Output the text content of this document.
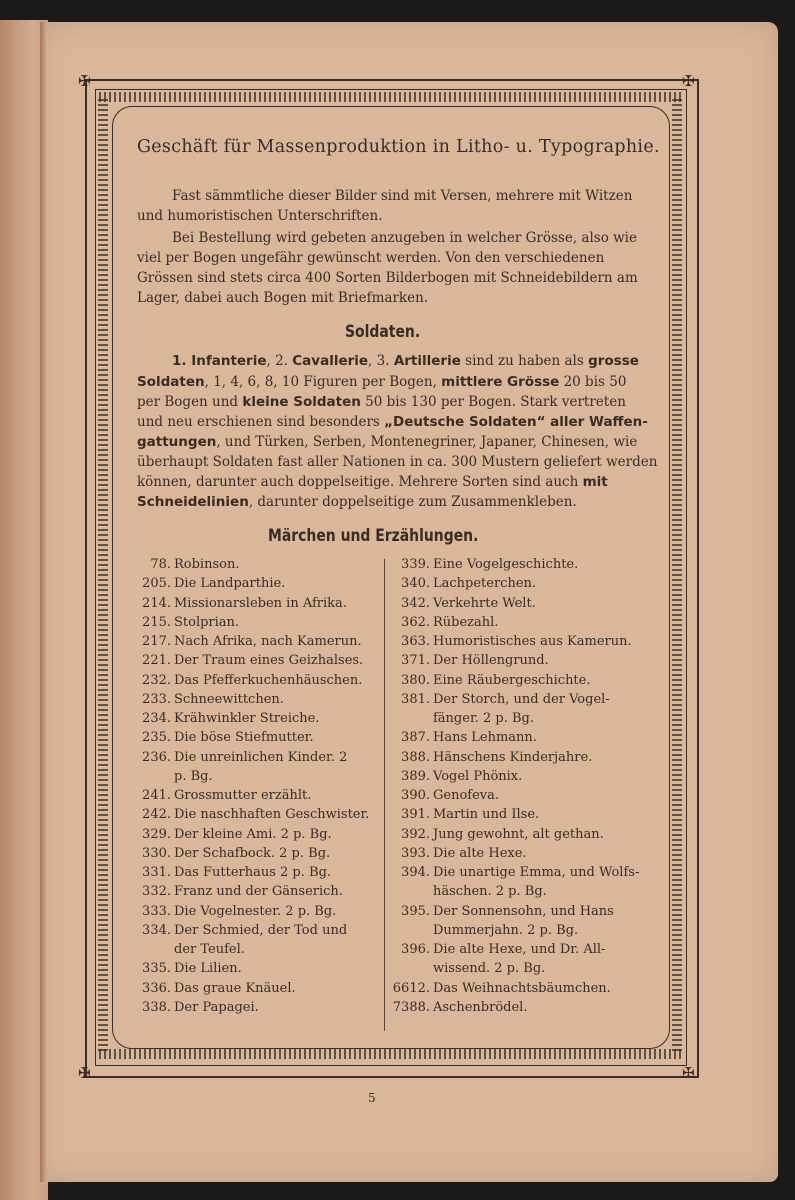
✠	✠
✠	✠
Geschäft für Massenproduktion in Litho- u. Typographie.
Fast sämmtliche dieser Bilder sind mit Versen, mehrere mit Witzen
und humoristischen Unterschriften.
Bei Bestellung wird gebeten anzugeben in welcher Grösse, also wie
viel per Bogen ungefähr gewünscht werden. Von den verschiedenen
Grössen sind stets circa 400 Sorten Bilderbogen mit Schneidebildern am
Lager, dabei auch Bogen mit Briefmarken.
Soldaten.
1. Infanterie, 2. Cavallerie, 3. Artillerie sind zu haben als grosse
Soldaten, 1, 4, 6, 8, 10 Figuren per Bogen, mittlere Grösse 20 bis 50
per Bogen und kleine Soldaten 50 bis 130 per Bogen. Stark vertreten
und neu erschienen sind besonders „Deutsche Soldaten“ aller Waffen-
gattungen, und Türken, Serben, Montenegriner, Japaner, Chinesen, wie
überhaupt Soldaten fast aller Nationen in ca. 300 Mustern geliefert werden
können, darunter auch doppelseitige. Mehrere Sorten sind auch mit
Schneidelinien, darunter doppelseitige zum Zusammenkleben.
Märchen und Erzählungen.
78. Robinson.
205. Die Landparthie.
214. Missionarsleben in Afrika.
215. Stolprian.
217. Nach Afrika, nach Kamerun.
221. Der Traum eines Geizhalses.
232. Das Pfefferkuchenhäuschen.
233. Schneewittchen.
234. Krähwinkler Streiche.
235. Die böse Stiefmutter.
236. Die unreinlichen Kinder. 2
p. Bg.
241. Grossmutter erzählt.
242. Die naschhaften Geschwister.
329. Der kleine Ami. 2 p. Bg.
330. Der Schafbock. 2 p. Bg.
331. Das Futterhaus 2 p. Bg.
332. Franz und der Gänserich.
333. Die Vogelnester. 2 p. Bg.
334. Der Schmied, der Tod und
der Teufel.
335. Die Lilien.
336. Das graue Knäuel.
338. Der Papagei.
339. Eine Vogelgeschichte.
340. Lachpeterchen.
342. Verkehrte Welt.
362. Rübezahl.
363. Humoristisches aus Kamerun.
371. Der Höllengrund.
380. Eine Räubergeschichte.
381. Der Storch, und der Vogel-
fänger. 2 p. Bg.
387. Hans Lehmann.
388. Hänschens Kinderjahre.
389. Vogel Phönix.
390. Genofeva.
391. Martin und Ilse.
392. Jung gewohnt, alt gethan.
393. Die alte Hexe.
394. Die unartige Emma, und Wolfs-
häschen. 2 p. Bg.
395. Der Sonnensohn, und Hans
Dummerjahn. 2 p. Bg.
396. Die alte Hexe, und Dr. All-
wissend. 2 p. Bg.
6612. Das Weihnachtsbäumchen.
7388. Aschenbrödel.
5
